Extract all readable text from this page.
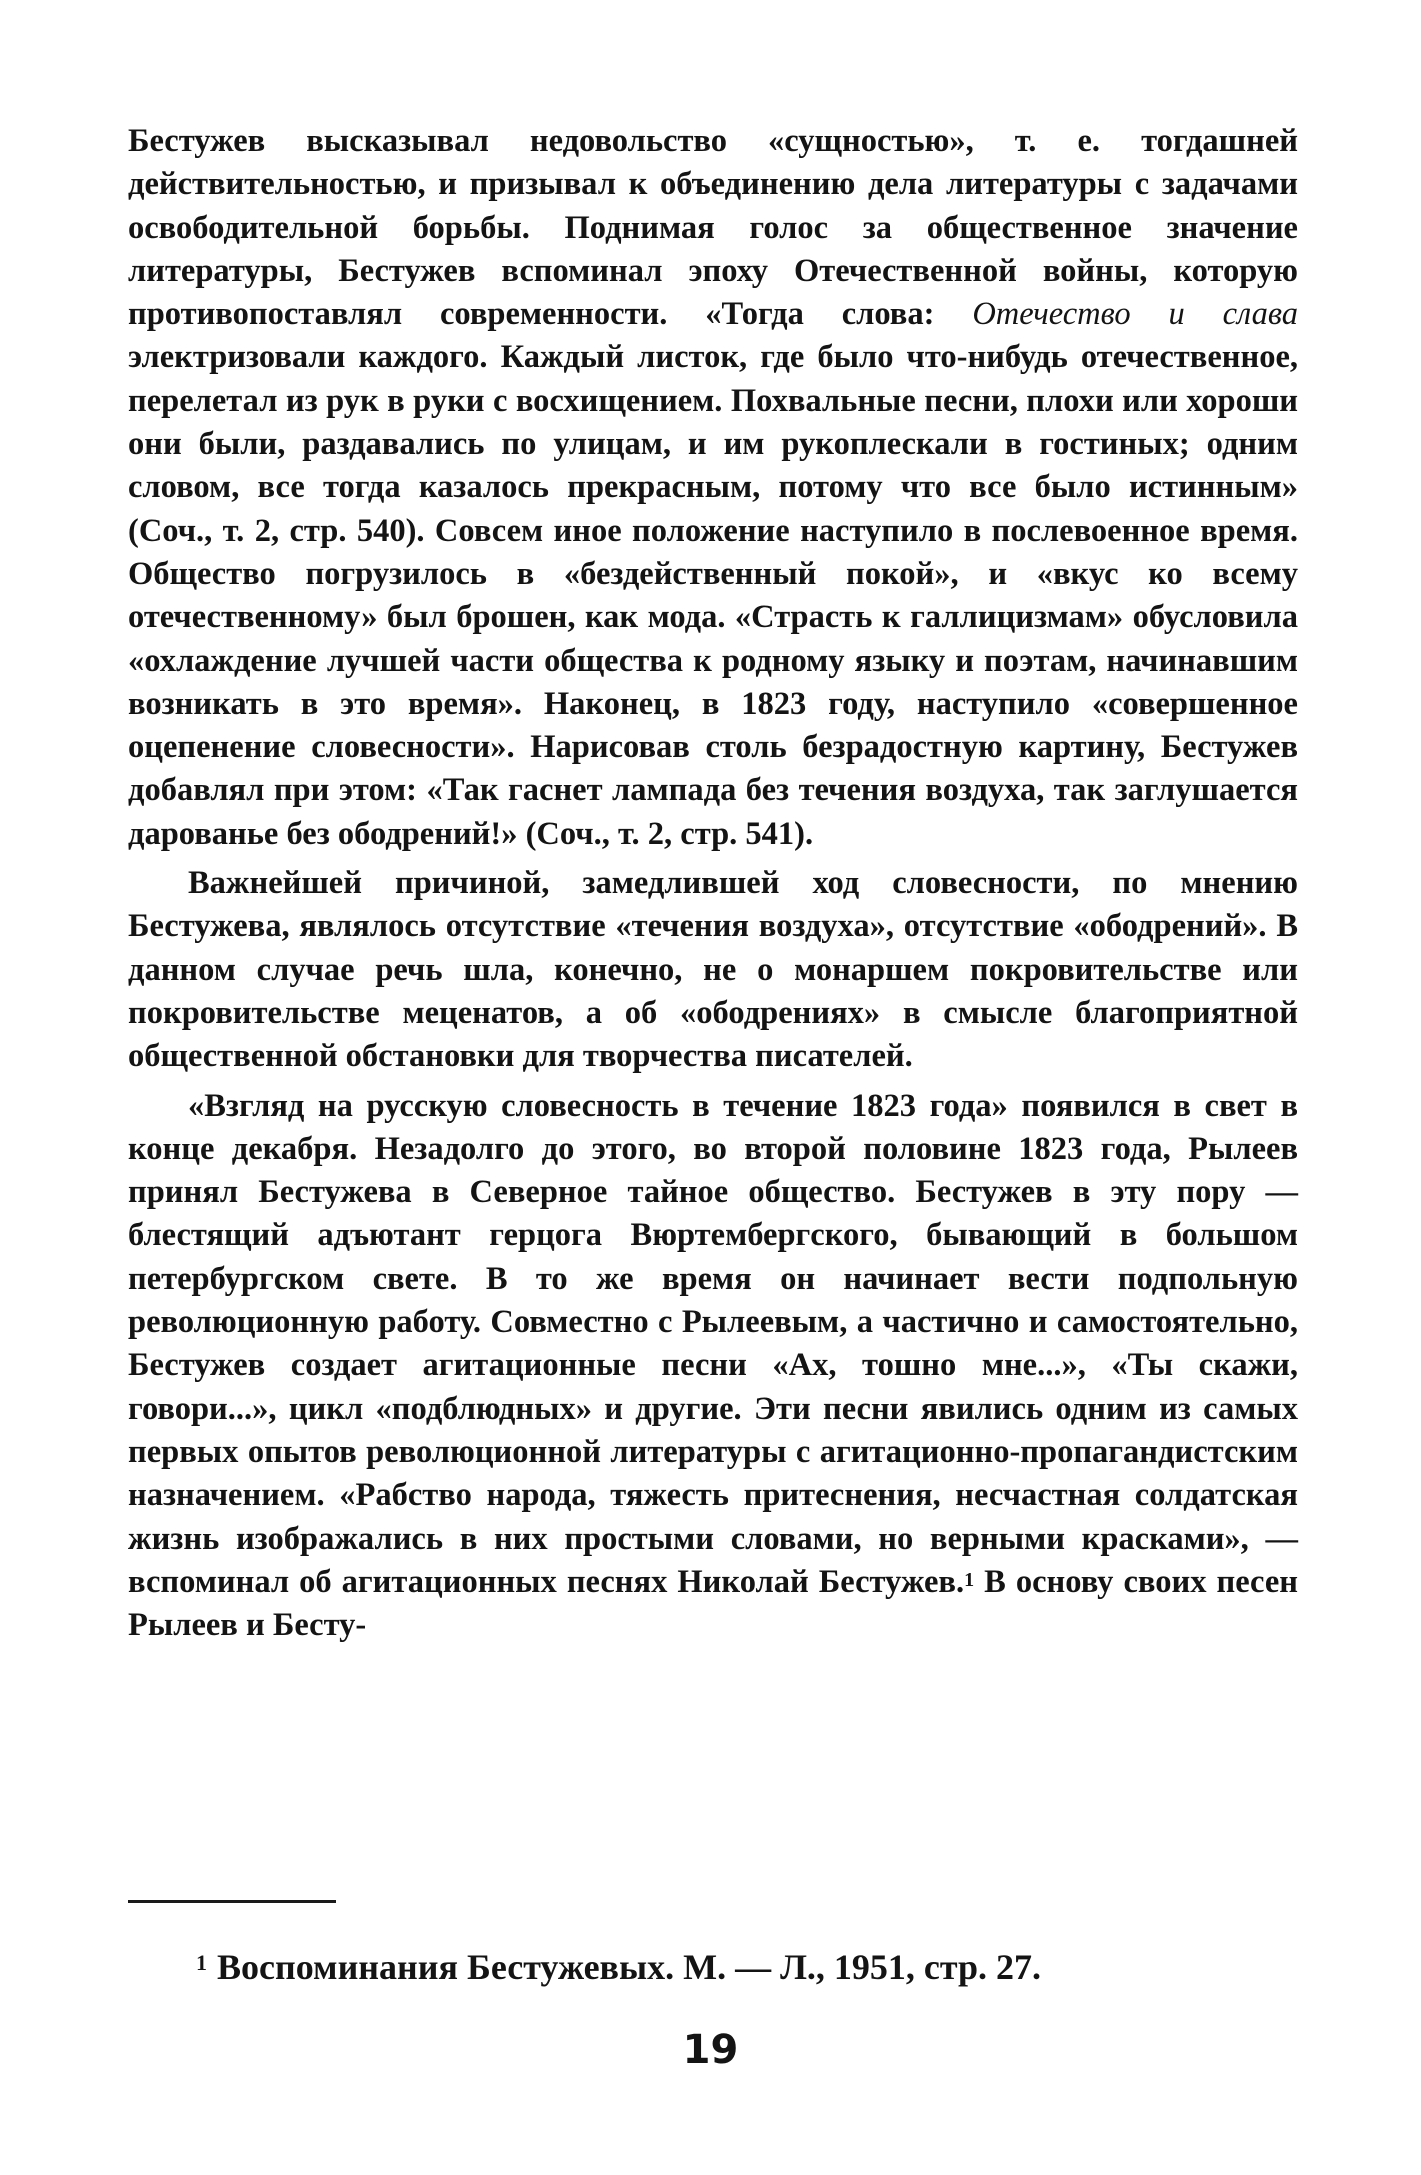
Бестужев высказывал недовольство «сущностью», т. е. тогдашней действительностью, и призывал к объединению дела литературы с задачами освободительной борьбы. Поднимая голос за общественное значение литературы, Бестужев вспоминал эпоху Отечественной войны, которую противопоставлял современности. «Тогда слова: Отечество и слава электризовали каждого. Каждый листок, где было что-нибудь отечественное, перелетал из рук в руки с восхищением. Похвальные песни, плохи или хороши они были, раздавались по улицам, и им рукоплескали в гостиных; одним словом, все тогда казалось прекрасным, потому что все было истинным» (Соч., т. 2, стр. 540). Совсем иное положение наступило в послевоенное время. Общество погрузилось в «бездейственный покой», и «вкус ко всему отечественному» был брошен, как мода. «Страсть к галлицизмам» обусловила «охлаждение лучшей части общества к родному языку и поэтам, начинавшим возникать в это время». Наконец, в 1823 году, наступило «совершенное оцепенение словесности». Нарисовав столь безрадостную картину, Бестужев добавлял при этом: «Так гаснет лампада без течения воздуха, так заглушается дарованье без ободрений!» (Соч., т. 2, стр. 541).

Важнейшей причиной, замедлившей ход словесности, по мнению Бестужева, являлось отсутствие «течения воздуха», отсутствие «ободрений». В данном случае речь шла, конечно, не о монаршем покровительстве или покровительстве меценатов, а об «ободрениях» в смысле благоприятной общественной обстановки для творчества писателей.

«Взгляд на русскую словесность в течение 1823 года» появился в свет в конце декабря. Незадолго до этого, во второй половине 1823 года, Рылеев принял Бестужева в Северное тайное общество. Бестужев в эту пору — блестящий адъютант герцога Вюртембергского, бывающий в большом петербургском свете. В то же время он начинает вести подпольную революционную работу. Совместно с Рылеевым, а частично и самостоятельно, Бестужев создает агитационные песни «Ах, тошно мне...», «Ты скажи, говори...», цикл «подблюдных» и другие. Эти песни явились одним из самых первых опытов революционной литературы с агитационно-пропагандистским назначением. «Рабство народа, тяжесть притеснения, несчастная солдатская жизнь изображались в них простыми словами, но верными красками», — вспоминал об агитационных песнях Николай Бестужев.$^1$ В основу своих песен Рылеев и Бесту-

$^1$ Воспоминания Бестужевых. М. — Л., 1951, стр. 27.
19
